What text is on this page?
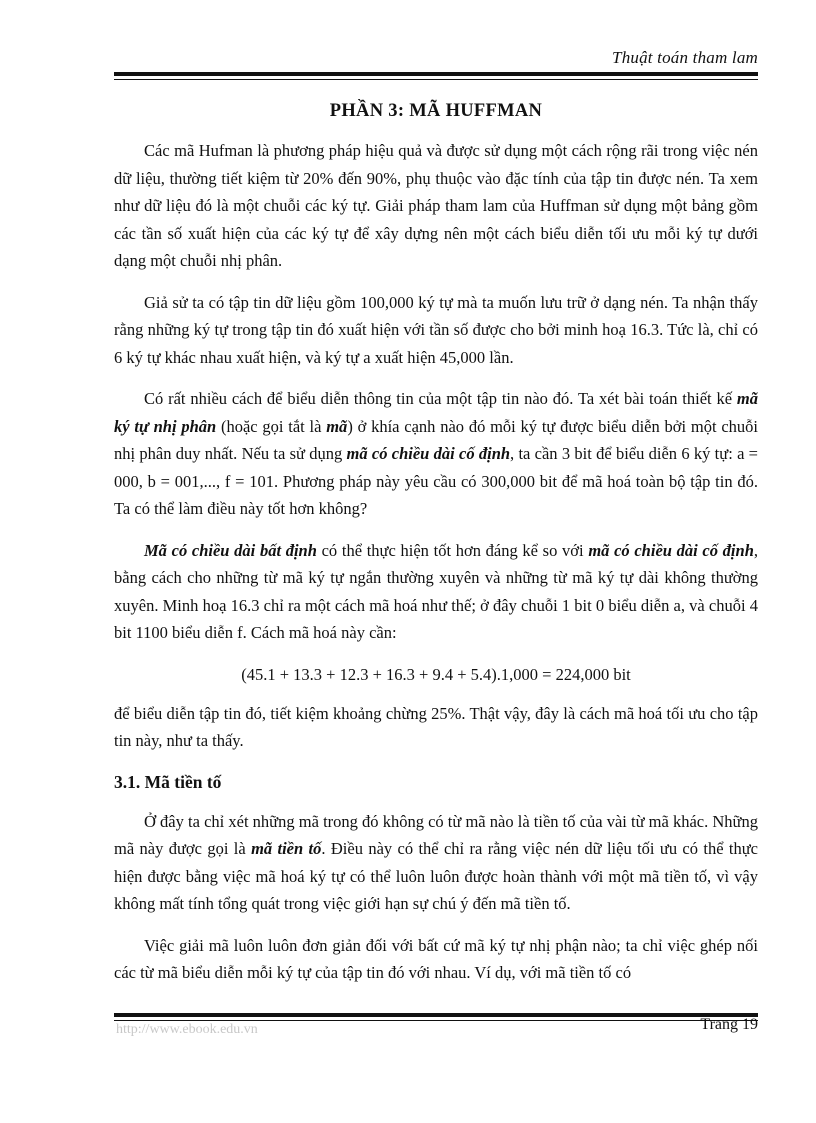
Thuật toán tham lam
PHẦN 3: MÃ HUFFMAN

Các mã Hufman là phương pháp hiệu quả và được sử dụng một cách rộng rãi trong việc nén dữ liệu, thường tiết kiệm từ 20% đến 90%, phụ thuộc vào đặc tính của tập tin được nén. Ta xem như dữ liệu đó là một chuỗi các ký tự. Giải pháp tham lam của Huffman sử dụng một bảng gồm các tần số xuất hiện của các ký tự để xây dựng nên một cách biểu diễn tối ưu mỗi ký tự dưới dạng một chuỗi nhị phân.

Giả sử ta có tập tin dữ liệu gồm 100,000 ký tự mà ta muốn lưu trữ ở dạng nén. Ta nhận thấy rằng những ký tự trong tập tin đó xuất hiện với tần số được cho bởi minh hoạ 16.3. Tức là, chỉ có 6 ký tự khác nhau xuất hiện, và ký tự a xuất hiện 45,000 lần.

Có rất nhiều cách để biểu diễn thông tin của một tập tin nào đó. Ta xét bài toán thiết kế mã ký tự nhị phân (hoặc gọi tắt là mã) ở khía cạnh nào đó mỗi ký tự được biểu diễn bởi một chuỗi nhị phân duy nhất. Nếu ta sử dụng mã có chiều dài cố định, ta cần 3 bit để biểu diễn 6 ký tự: a = 000, b = 001,..., f = 101. Phương pháp này yêu cầu có 300,000 bit để mã hoá toàn bộ tập tin đó. Ta có thể làm điều này tốt hơn không?

Mã có chiều dài bất định có thể thực hiện tốt hơn đáng kể so với mã có chiều dài cố định, bằng cách cho những từ mã ký tự ngắn thường xuyên và những từ mã ký tự dài không thường xuyên. Minh hoạ 16.3 chỉ ra một cách mã hoá như thế; ở đây chuỗi 1 bit 0 biểu diễn a, và chuỗi 4 bit 1100 biểu diễn f. Cách mã hoá này cần:

(45.1 + 13.3 + 12.3 + 16.3 + 9.4 + 5.4).1,000 = 224,000 bit

để biểu diễn tập tin đó, tiết kiệm khoảng chừng 25%. Thật vậy, đây là cách mã hoá tối ưu cho tập tin này, như ta thấy.

3.1. Mã tiền tố

Ở đây ta chỉ xét những mã trong đó không có từ mã nào là tiền tố của vài từ mã khác. Những mã này được gọi là mã tiền tố. Điều này có thể chỉ ra rằng việc nén dữ liệu tối ưu có thể thực hiện được bằng việc mã hoá ký tự có thể luôn luôn được hoàn thành với một mã tiền tố, vì vậy không mất tính tổng quát trong việc giới hạn sự chú ý đến mã tiền tố.

Việc giải mã luôn luôn đơn giản đối với bất cứ mã ký tự nhị phận nào; ta chỉ việc ghép nối các từ mã biểu diễn mỗi ký tự của tập tin đó với nhau. Ví dụ, với mã tiền tố có

http://www.ebook.edu.vn	Trang 19
